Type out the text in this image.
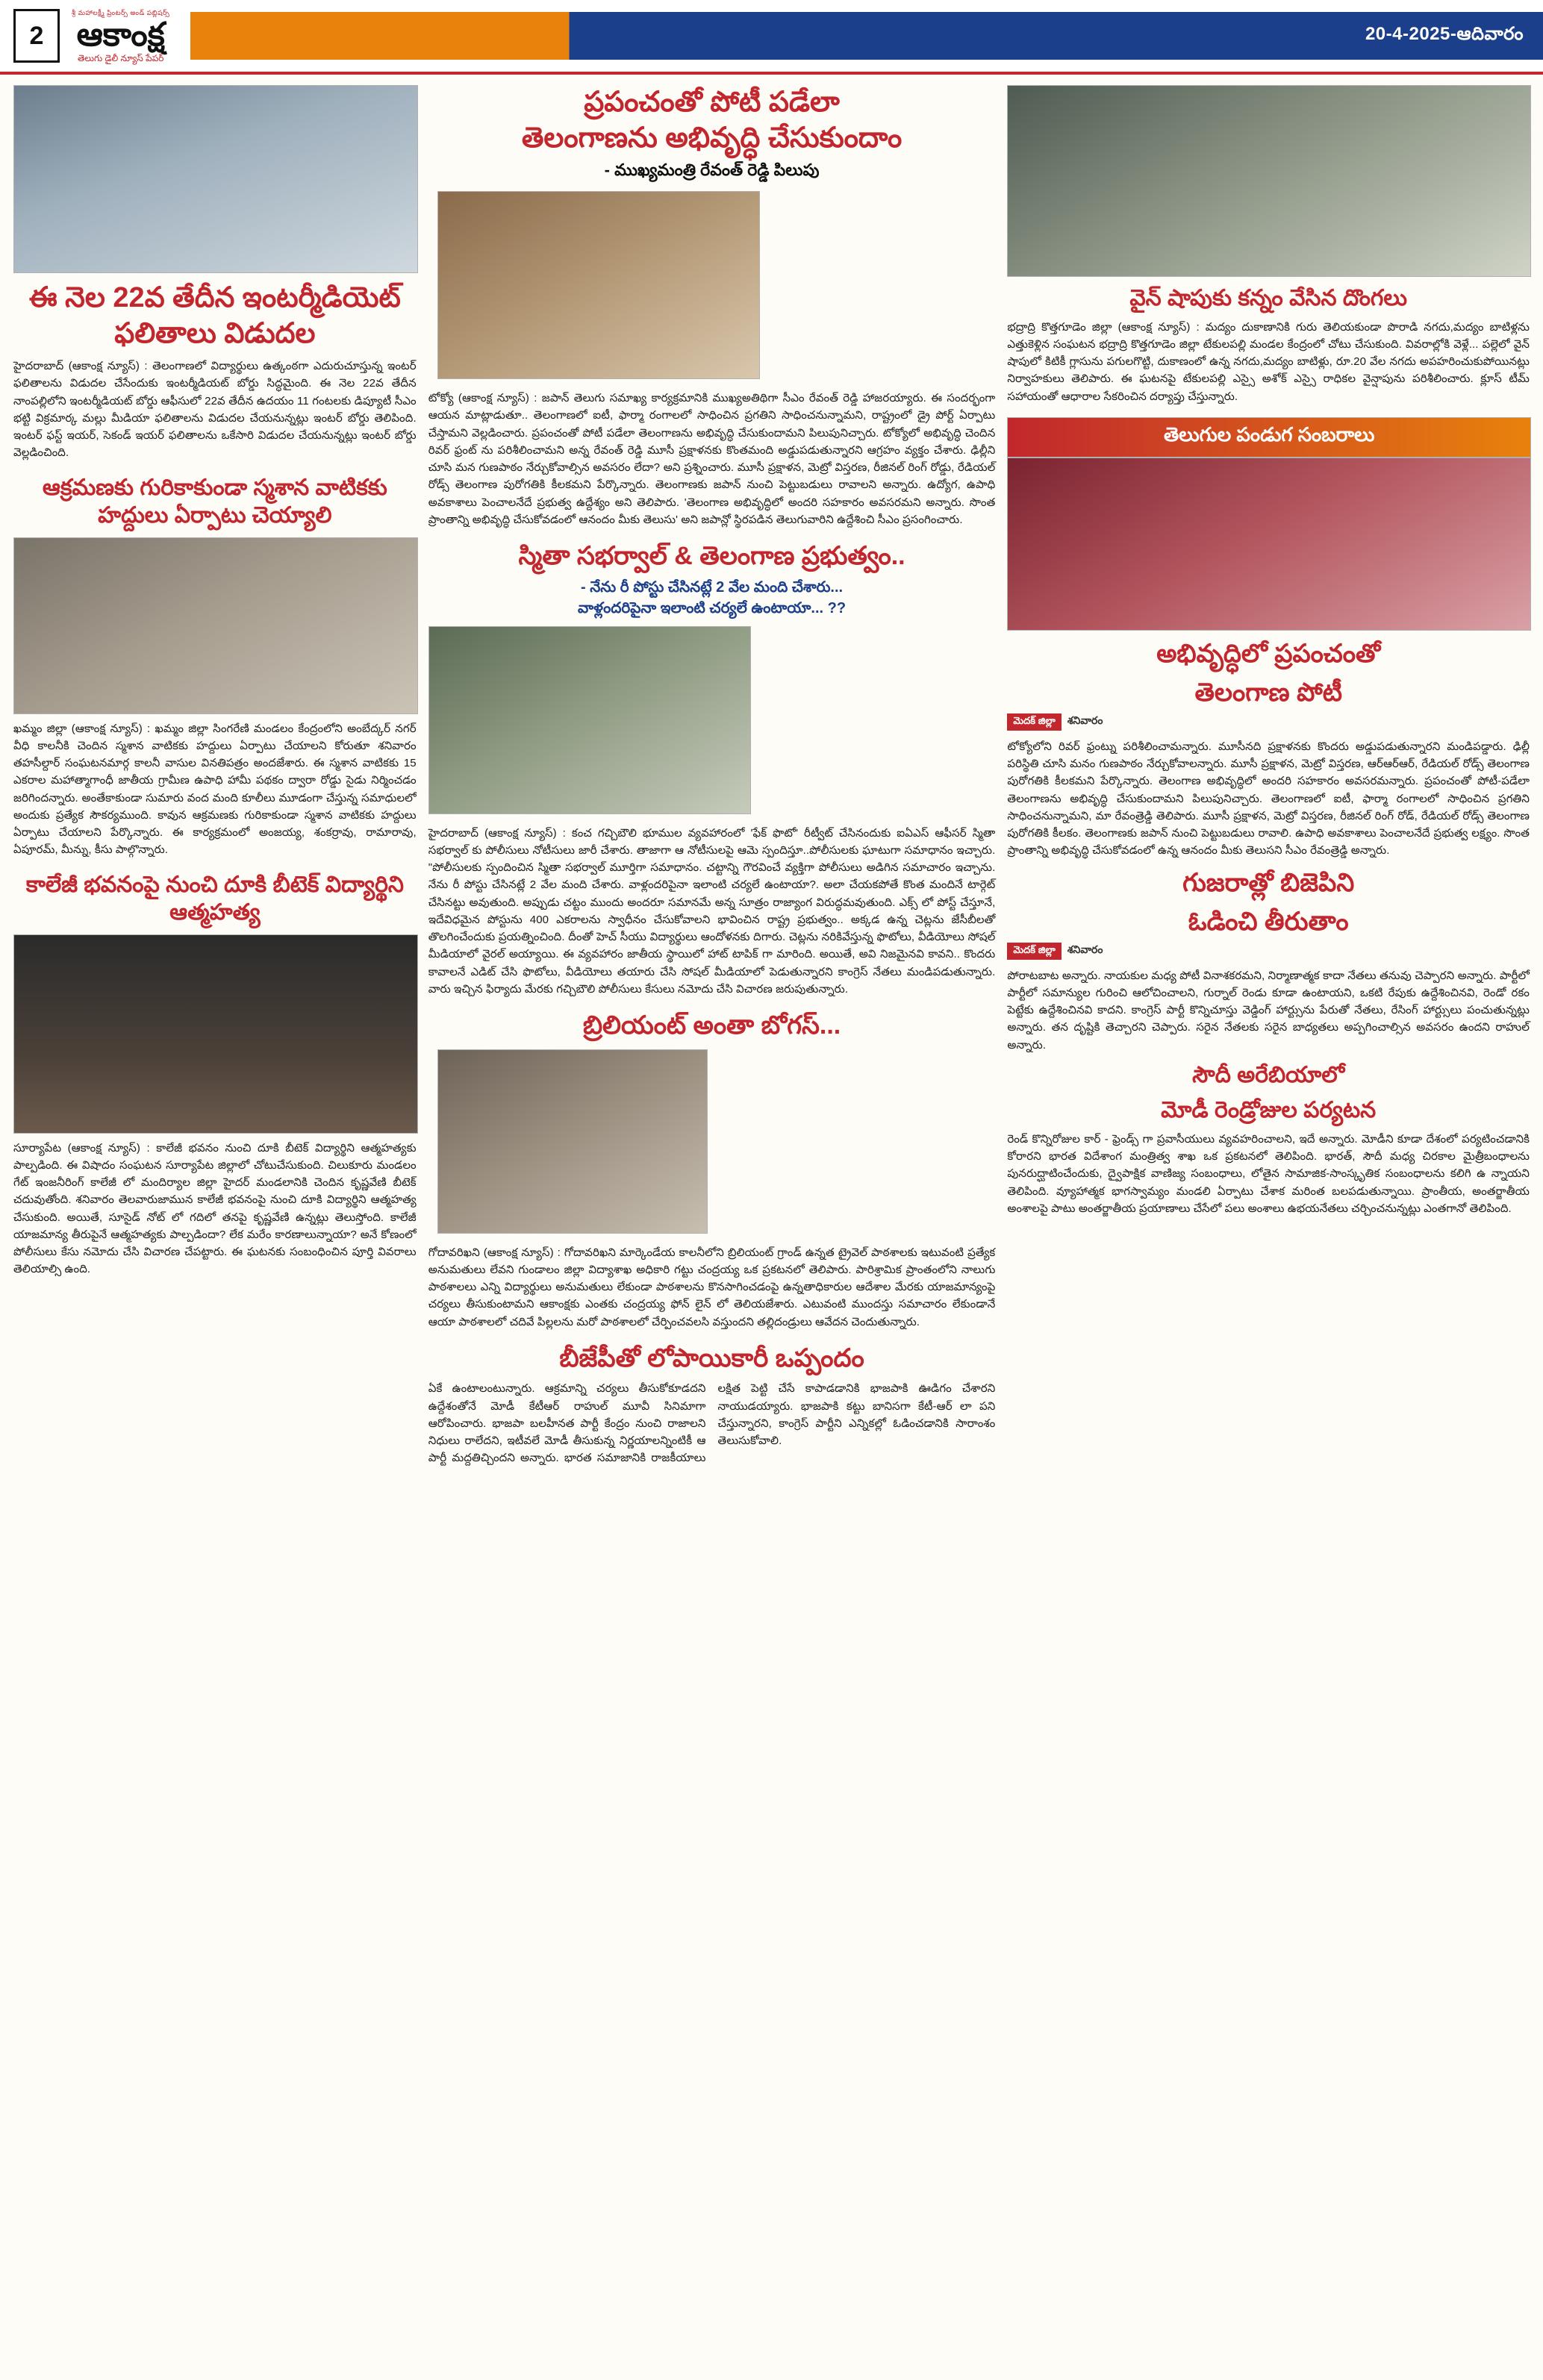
2
శ్రీ మహాలక్ష్మీ ప్రింటర్స్ అండ్ పబ్లిషర్స్
ఆకాంక్ష
తెలుగు డైలీ న్యూస్ పేపర్
20-4-2025-ఆదివారం
ఈ నెల 22వ తేదీన ఇంటర్మీడియెట్ ఫలితాలు విడుదల

హైదరాబాద్ (ఆకాంక్ష న్యూస్) : తెలంగాణలో విద్యార్థులు ఉత్కంఠగా ఎదురుచూస్తున్న ఇంటర్ ఫలితాలను విడుదల చేసేందుకు ఇంటర్మీడియట్ బోర్డు సిద్ధమైంది. ఈ నెల 22వ తేదీన నాంపల్లిలోని ఇంటర్మీడియట్ బోర్డు ఆఫీసులో 22వ తేదీన ఉదయం 11 గంటలకు డిప్యూటీ సీఎం భట్టి విక్రమార్క మల్లు మీడియా ఫలితాలను విడుదల చేయనున్నట్లు ఇంటర్ బోర్డు తెలిపింది. ఇంటర్ ఫస్ట్ ఇయర్, సెకండ్ ఇయర్ ఫలితాలను ఒకేసారి విడుదల చేయనున్నట్లు ఇంటర్ బోర్డు వెల్లడించింది.

ఆక్రమణకు గురికాకుండా స్మశాన వాటికకు హద్దులు ఏర్పాటు చెయ్యాలి

ఖమ్మం జిల్లా (ఆకాంక్ష న్యూస్) : ఖమ్మం జిల్లా సింగరేణి మండలం కేంద్రంలోని అంబేద్కర్ నగర్ వీధి కాలనీకి చెందిన స్మశాన వాటికకు హద్దులు ఏర్పాటు చేయాలని కోరుతూ శనివారం తహసీల్దార్ సంఘటనమార్గ కాలనీ వాసుల వినతిపత్రం అందజేశారు. ఈ స్మశాన వాటికకు 15 ఎకరాల మహాత్మాగాంధీ జాతీయ గ్రామీణ ఉపాధి హామీ పథకం ద్వారా రోడ్డు సైడు నిర్మించడం జరిగిందన్నారు. అంతేకాకుండా సుమారు వంద మంది కూలీలు మూడంగా చేస్తున్న సమాధులలో అందుకు ప్రత్యేక సౌకర్యముంది. కావున ఆక్రమణకు గురికాకుండా స్మశాన వాటికకు హద్దులు ఏర్పాటు చేయాలని పేర్కొన్నారు. ఈ కార్యక్రమంలో అంజయ్య, శంకర్రావు, రామారావు, ఏపూరమ్, మీన్ను, కీసు పాల్గొన్నారు.

కాలేజీ భవనంపై నుంచి దూకి బీటెక్ విద్యార్థిని ఆత్మహత్య

సూర్యాపేట (ఆకాంక్ష న్యూస్) : కాలేజీ భవనం నుంచి దూకి బీటెక్ విద్యార్థిని ఆత్మహత్యకు పాల్పడింది. ఈ విషాదం సంఘటన సూర్యాపేట జిల్లాలో చోటుచేసుకుంది. చిలుకూరు మండలం గేట్ ఇంజనీరింగ్ కాలేజీ లో మందిర్యాల జిల్లా హైదర్ మండలానికి చెందిన కృష్ణవేణి బీటెక్ చదువుతోంది. శనివారం తెలవారుజామున కాలేజీ భవనంపై నుంచి దూకి విద్యార్థిని ఆత్మహత్య చేసుకుంది. అయితే, సూసైడ్ నోట్ లో గదిలో తనపై కృష్ణవేణి ఉన్నట్లు తెలుస్తోంది. కాలేజీ యాజమాన్య తీరుపైనే ఆత్మహత్యకు పాల్పడిందా? లేక మరేం కారణాలున్నాయా? అనే కోణంలో పోలీసులు కేసు నమోదు చేసి విచారణ చేపట్టారు. ఈ ఘటనకు సంబంధించిన పూర్తి వివరాలు తెలియాల్సి ఉంది.

ప్రపంచంతో పోటీ పడేలా
తెలంగాణను అభివృద్ధి చేసుకుందాం
- ముఖ్యమంత్రి రేవంత్ రెడ్డి పిలుపు

టోక్యో (ఆకాంక్ష న్యూస్) : జపాన్ తెలుగు సమాఖ్య కార్యక్రమానికి ముఖ్యఅతిథిగా సీఎం రేవంత్ రెడ్డి హాజరయ్యారు. ఈ సందర్భంగా ఆయన మాట్లాడుతూ.. తెలంగాణలో ఐటీ, ఫార్మా రంగాలలో సాధించిన ప్రగతిని సాధించనున్నామని, రాష్ట్రంలో డ్రై పోర్ట్ ఏర్పాటు చేస్తామని వెల్లడించారు. ప్రపంచంతో పోటీ పడేలా తెలంగాణను అభివృద్ధి చేసుకుందామని పిలుపునిచ్చారు. టోక్యోలో అభివృద్ధి చెందిన రివర్ ఫ్రంట్ ను పరిశీలించామని అన్న రేవంత్ రెడ్డి మూసీ ప్రక్షాళనకు కొంతమంది అడ్డుపడుతున్నారని ఆగ్రహం వ్యక్తం చేశారు. ఢిల్లీని చూసి మన గుణపాఠం నేర్చుకోవాల్సిన అవసరం లేదా? అని ప్రశ్నించారు. మూసీ ప్రక్షాళన, మెట్రో విస్తరణ, రీజినల్ రింగ్ రోడ్డు, రేడియల్ రోడ్స్ తెలంగాణ పురోగతికి కీలకమని పేర్కొన్నారు. తెలంగాణకు జపాన్ నుంచి పెట్టుబడులు రావాలని అన్నారు. ఉద్యోగ, ఉపాధి అవకాశాలు పెంచాలనేదే ప్రభుత్వ ఉద్దేశ్యం అని తెలిపారు. 'తెలంగాణ అభివృద్ధిలో అందరి సహకారం అవసరమని అన్నారు. సొంత ప్రాంతాన్ని అభివృద్ధి చేసుకోవడంలో ఆనందం మీకు తెలుసు' అని జపాన్లో స్థిరపడిన తెలుగువారిని ఉద్దేశించి సీఎం ప్రసంగించారు.

స్మితా సభర్వాల్ & తెలంగాణ ప్రభుత్వం..
- నేను రీ పోస్టు చేసినట్లే 2 వేల మంది చేశారు...
వాళ్లందరిపైనా ఇలాంటి చర్యలే ఉంటాయా... ??

హైదరాబాద్ (ఆకాంక్ష న్యూస్) : కంచ గచ్చిబౌలి భూముల వ్యవహారంలో 'ఫేక్ ఫొటో' రీట్వీట్ చేసినందుకు ఐఏఎస్ ఆఫీసర్ స్మితా సభర్వాల్ కు పోలీసులు నోటీసులు జారీ చేశారు. తాజాగా ఆ నోటీసులపై ఆమె స్పందిస్తూ..పోలీసులకు ఘాటుగా సమాధానం ఇచ్చారు. "పోలీసులకు స్పందించిన స్మితా సభర్వాల్ మూర్తిగా సమాధానం. చట్టాన్ని గౌరవించే వ్యక్తిగా పోలీసులు అడిగిన సమాచారం ఇచ్చాను. నేను రీ పోస్టు చేసినట్లే 2 వేల మంది చేశారు. వాళ్లందరిపైనా ఇలాంటి చర్యలే ఉంటాయా?. అలా చేయకపోతే కొంత మందినే టార్గెట్ చేసినట్టు అవుతుంది. అప్పుడు చట్టం ముందు అందరూ సమానమే అన్న సూత్రం రాజ్యాంగ విరుద్ధమవుతుంది. ఎక్స్ లో పోస్ట్ చేస్తూనే, ఇదేవిధమైన పోస్టును 400 ఎకరాలను స్వాధీనం చేసుకోవాలని భావించిన రాష్ట్ర ప్రభుత్వం.. అక్కడ ఉన్న చెట్లను జేసీబీలతో తొలగించేందుకు ప్రయత్నించింది. దీంతో హెచ్ సీయు విద్యార్థులు ఆందోళనకు దిగారు. చెట్లను నరికివేస్తున్న ఫొటోలు, వీడియోలు సోషల్ మీడియాలో వైరల్ అయ్యాయి. ఈ వ్యవహారం జాతీయ స్థాయిలో హాట్ టాపిక్ గా మారింది. అయితే, అవి నిజమైనవి కావని.. కొందరు కావాలనే ఎడిట్ చేసి ఫొటోలు, వీడియోలు తయారు చేసి సోషల్ మీడియాలో పెడుతున్నారని కాంగ్రెస్ నేతలు మండిపడుతున్నారు. వారు ఇచ్చిన ఫిర్యాదు మేరకు గచ్చిబౌలి పోలీసులు కేసులు నమోదు చేసి విచారణ జరుపుతున్నారు.

బ్రిలియంట్ అంతా బోగస్...

గోదావరిఖని (ఆకాంక్ష న్యూస్) : గోదావరిఖని మార్కెండేయ కాలనీలోని బ్రిలియంట్ గ్రాండ్ ఉన్నత ట్రైవెల్ పాఠశాలకు ఇటువంటి ప్రత్యేక అనుమతులు లేవని గుండాలం జిల్లా విద్యాశాఖ అధికారి గట్టు చంద్రయ్య ఒక ప్రకటనలో తెలిపారు. పారిశ్రామిక ప్రాంతంలోని నాలుగు పాఠశాలలు ఎన్ని విద్యార్థులు అనుమతులు లేకుండా పాఠశాలను కొనసాగించడంపై ఉన్నతాధికారుల ఆదేశాల మేరకు యాజమాన్యంపై చర్యలు తీసుకుంటామని ఆకాంక్షకు ఎంతకు చంద్రయ్య ఫోన్ లైన్ లో తెలియజేశారు. ఎటువంటి ముందస్తు సమాచారం లేకుండానే ఆయా పాఠశాలలో చదివే పిల్లలను మరో పాఠశాలలో చేర్పించవలసి వస్తుందని తల్లిదండ్రులు ఆవేదన చెందుతున్నారు.

బీజేపీతో లోపాయికారీ ఒప్పందం

ఏకే ఉంటాలంటున్నారు. ఆక్రమాన్ని చర్యలు తీసుకోకూడదని ఉద్దేశంతోనే మోడీ కేటీఆర్ రాహుల్ మూవీ సినిమాగా ఆరోపించారు. భాజపా బలహీనత పార్టీ కేంద్రం నుంచి రాజాలని నిధులు రాలేదని, ఇటీవలే మోడీ తీసుకున్న నిర్ణయాలన్నింటికీ ఆ పార్టీ మద్దతిచ్చిందని అన్నారు. భారత సమాజానికి రాజకీయాలు లక్షిత పెట్టి చేసే కాపాడడానికి భాజపాకి ఊడిగం చేశారని నాయుడయ్యారు. భాజపాకి కట్టు బానిసగా కేటీ-ఆర్ లా పని చేస్తున్నారని, కాంగ్రెస్ పార్టీని ఎన్నికల్లో ఓడించడానికి సారాంశం తెలుసుకోవాలి.

వైన్ షాపుకు కన్నం వేసిన దొంగలు

భద్రాద్రి కొత్తగూడెం జిల్లా (ఆకాంక్ష న్యూస్) : మద్యం దుకాణానికి గురు తెలియకుండా పొరాడి నగదు,మద్యం బాటిళ్లను ఎత్తుకెళ్లిన సంఘటన భద్రాద్రి కొత్తగూడెం జిల్లా టేకులపల్లి మండల కేంద్రంలో చోటు చేసుకుంది. వివరాల్లోకి వెళ్లే... పల్లెలో వైన్ షాపులో కిటికీ గ్లాసును పగులగొట్టి, దుకాణంలో ఉన్న నగదు,మద్యం బాటిళ్లు, రూ.20 వేల నగదు అపహరించుకుపోయినట్లు నిర్వాహకులు తెలిపారు. ఈ ఘటనపై టేకులపల్లి ఎస్సై అశోక్ ఎస్సై రాధికల వైన్షాపును పరిశీలించారు. క్లూస్ టీమ్ సహాయంతో ఆధారాల సేకరించిన దర్యాప్తు చేస్తున్నారు.

తెలుగుల పండుగ సంబరాలు
అభివృద్ధిలో ప్రపంచంతో
తెలంగాణ పోటీ
మెదక్ జిల్లా	శనివారం

టోక్యోలోని రివర్ ఫ్రంట్ను పరిశీలించామన్నారు. మూసీనది ప్రక్షాళనకు కొందరు అడ్డుపడుతున్నారని మండిపడ్డారు. ఢిల్లీ పరిస్థితి చూసి మనం గుణపాఠం నేర్చుకోవాలన్నారు. మూసీ ప్రక్షాళన, మెట్రో విస్తరణ, ఆర్ఆర్ఆర్, రేడియల్ రోడ్స్ తెలంగాణ పురోగతికి కీలకమని పేర్కొన్నారు. తెలంగాణ అభివృద్ధిలో అందరి సహకారం అవసరమన్నారు. ప్రపంచంతో పోటీ-పడేలా తెలంగాణను అభివృద్ధి చేసుకుందామని పిలుపునిచ్చారు. తెలంగాణలో ఐటీ, ఫార్మా రంగాలలో సాధించిన ప్రగతిని సాధించనున్నామని, మా రేవంత్రెడ్డి తెలిపారు. మూసీ ప్రక్షాళన, మెట్రో విస్తరణ, రీజినల్ రింగ్ రోడ్, రేడియల్ రోడ్స్ తెలంగాణ పురోగతికి కీలకం. తెలంగాణకు జపాన్ నుంచి పెట్టుబడులు రావాలి. ఉపాధి అవకాశాలు పెంచాలనేదే ప్రభుత్వ లక్ష్యం. సొంత ప్రాంతాన్ని అభివృద్ధి చేసుకోవడంలో ఉన్న ఆనందం మీకు తెలుసని సీఎం రేవంత్రెడ్డి అన్నారు.

గుజరాత్లో బిజెపిని
ఓడించి తీరుతాం
మెదక్ జిల్లా	శనివారం

పోరాటబాట అన్నారు. నాయకుల మధ్య పోటీ వినాశకరమని, నిర్మాణాత్మక కాదా నేతలు తనువు చెప్పారని అన్నారు. పార్టీలో పార్టీలో సమాన్యుల గురించి ఆలోచించాలని, గుర్నాల్ రెండు కూడా ఉంటాయని, ఒకటి రేపుకు ఉద్దేశించినవి, రెండో రకం పెట్టేకు ఉద్దేశించినవి కాదని. కాంగ్రెస్ పార్టీ కొన్నిచూస్తు వెడ్డింగ్ హార్ట్సును పేరుతో నేతలు, రేసింగ్ హార్ట్సులు పంచుతున్నట్లు అన్నారు. తన దృష్టికి తెచ్చారని చెప్పారు. సరైన నేతలకు సరైన బాధ్యతలు అప్పగించాల్సిన అవసరం ఉందని రాహుల్ అన్నారు.

సౌదీ అరేబియాలో
మోడీ రెండ్రోజుల పర్యటన

రెండ్ కొన్నిరోజుల కార్ - ఫ్రెండ్స్ గా ప్రవాసీయులు వ్యవహరించాలని, ఇదే అన్నారు. మోడీని కూడా దేశంలో పర్యటించడానికి కోరారని భారత విదేశాంగ మంత్రిత్వ శాఖ ఒక ప్రకటనలో తెలిపింది. భారత్, సౌదీ మధ్య చిరకాల మైత్రీబంధాలను పునరుద్ఘాటించేందుకు, ద్వైపాక్షిక వాణిజ్య సంబంధాలు, లోతైన సామాజిక-సాంస్కృతిక సంబంధాలను కలిగి ఉ న్నాయని తెలిపింది. వ్యూహాత్మక భాగస్వామ్యం మండలి ఏర్పాటు చేశాక మరింత బలపడుతున్నాయి. ప్రాంతీయ, అంతర్జాతీయ అంశాలపై పాటు అంతర్జాతీయ ప్రయాణాలు చేసేలో పలు అంశాలు ఉభయనేతలు చర్చించనున్నట్లు ఎంతగానో తెలిపింది.
